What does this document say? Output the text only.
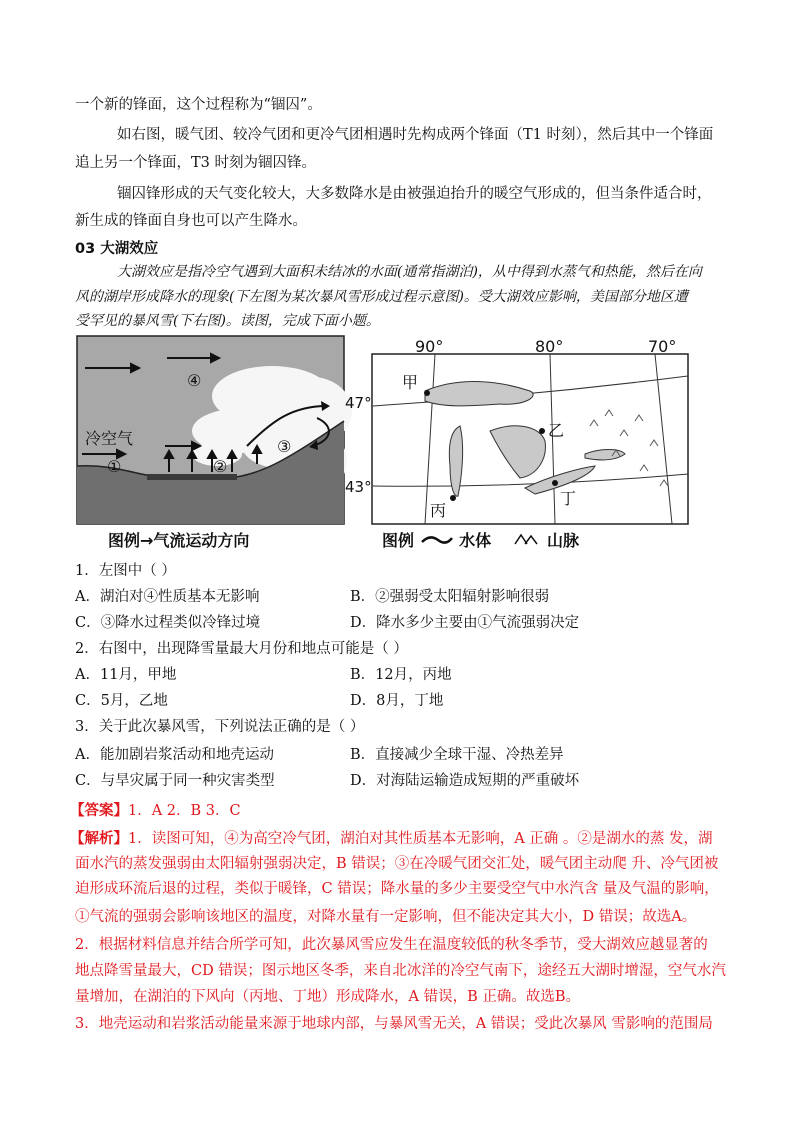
一个新的锋面，这个过程称为“锢囚”。
如右图，暖气团、较冷气团和更冷气团相遇时先构成两个锋面（T1 时刻），然后其中一个锋面
追上另一个锋面，T3 时刻为锢囚锋。
锢囚锋形成的天气变化较大，大多数降水是由被强迫抬升的暖空气形成的，但当条件适合时，
新生成的锋面自身也可以产生降水。
03 大湖效应
大湖效应是指冷空气遇到大面积未结冰的水面(通常指湖泊)，从中得到水蒸气和热能，然后在向
风的湖岸形成降水的现象(下左图为某次暴风雪形成过程示意图)。受大湖效应影响，美国部分地区遭
受罕见的暴风雪(下右图)。读图，完成下面小题。
冷空气
①	②
③
④
图例→气流运动方向
90°	80°	70°
47°
43°
甲
乙
丙
丁
图例	水体	山脉
1．左图中（ ）
A．湖泊对④性质基本无影响	B．②强弱受太阳辐射影响很弱
C．③降水过程类似冷锋过境	D．降水多少主要由①气流强弱决定
2．右图中，出现降雪量最大月份和地点可能是（ ）
A．11月，甲地	B．12月，丙地
C．5月，乙地	D．8月，丁地
3．关于此次暴风雪，下列说法正确的是（ ）
A．能加剧岩浆活动和地壳运动	B．直接减少全球干湿、冷热差异
C．与旱灾属于同一种灾害类型	D．对海陆运输造成短期的严重破坏
【答案】1．A 2．B 3．C
【解析】1．读图可知，④为高空冷气团，湖泊对其性质基本无影响，A 正确 。②是湖水的蒸 发，湖
面水汽的蒸发强弱由太阳辐射强弱决定，B 错误；③在冷暖气团交汇处，暖气团主动爬 升、冷气团被
迫形成环流后退的过程，类似于暖锋，C 错误；降水量的多少主要受空气中水汽含 量及气温的影响，
①气流的强弱会影响该地区的温度，对降水量有一定影响，但不能决定其大小，D 错误；故选A。
2．根据材料信息并结合所学可知，此次暴风雪应发生在温度较低的秋冬季节，受大湖效应越显著的
地点降雪量最大，CD 错误；图示地区冬季，来自北冰洋的冷空气南下，途经五大湖时增湿，空气水汽
量增加，在湖泊的下风向（丙地、丁地）形成降水，A 错误，B 正确。故选B。
3．地壳运动和岩浆活动能量来源于地球内部，与暴风雪无关，A 错误；受此次暴风 雪影响的范围局
